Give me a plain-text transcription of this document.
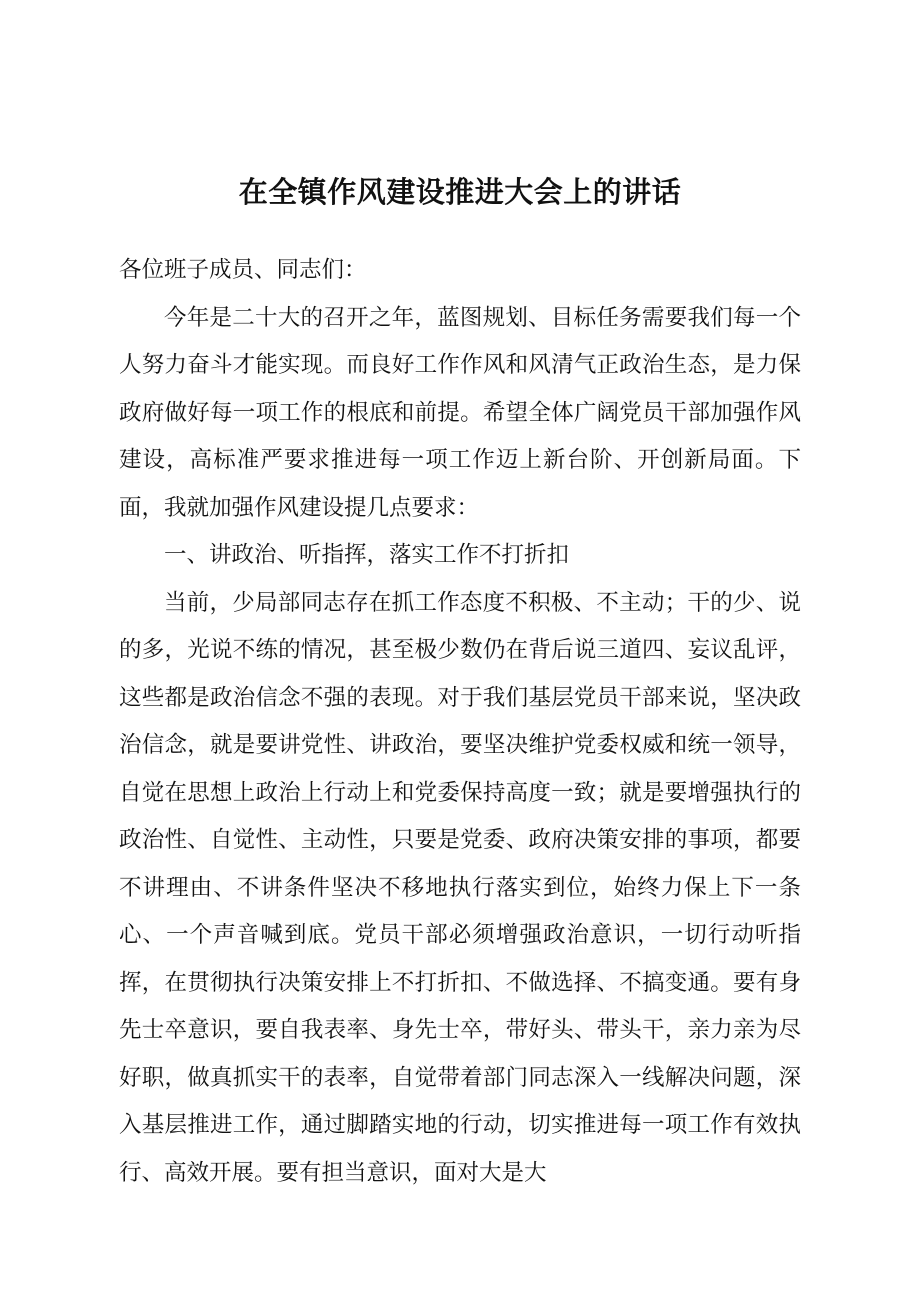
在全镇作风建设推进大会上的讲话

各位班子成员、同志们：

今年是二十大的召开之年，蓝图规划、目标任务需要我们每一个人努力奋斗才能实现。而良好工作作风和风清气正政治生态，是力保政府做好每一项工作的根底和前提。希望全体广阔党员干部加强作风建设，高标准严要求推进每一项工作迈上新台阶、开创新局面。下面，我就加强作风建设提几点要求：

一、讲政治、听指挥，落实工作不打折扣

当前，少局部同志存在抓工作态度不积极、不主动；干的少、说的多，光说不练的情况，甚至极少数仍在背后说三道四、妄议乱评，这些都是政治信念不强的表现。对于我们基层党员干部来说，坚决政治信念，就是要讲党性、讲政治，要坚决维护党委权威和统一领导，自觉在思想上政治上行动上和党委保持高度一致；就是要增强执行的政治性、自觉性、主动性，只要是党委、政府决策安排的事项，都要不讲理由、不讲条件坚决不移地执行落实到位，始终力保上下一条心、一个声音喊到底。党员干部必须增强政治意识，一切行动听指挥，在贯彻执行决策安排上不打折扣、不做选择、不搞变通。要有身先士卒意识，要自我表率、身先士卒，带好头、带头干，亲力亲为尽好职，做真抓实干的表率，自觉带着部门同志深入一线解决问题，深入基层推进工作，通过脚踏实地的行动，切实推进每一项工作有效执行、高效开展。要有担当意识，面对大是大
